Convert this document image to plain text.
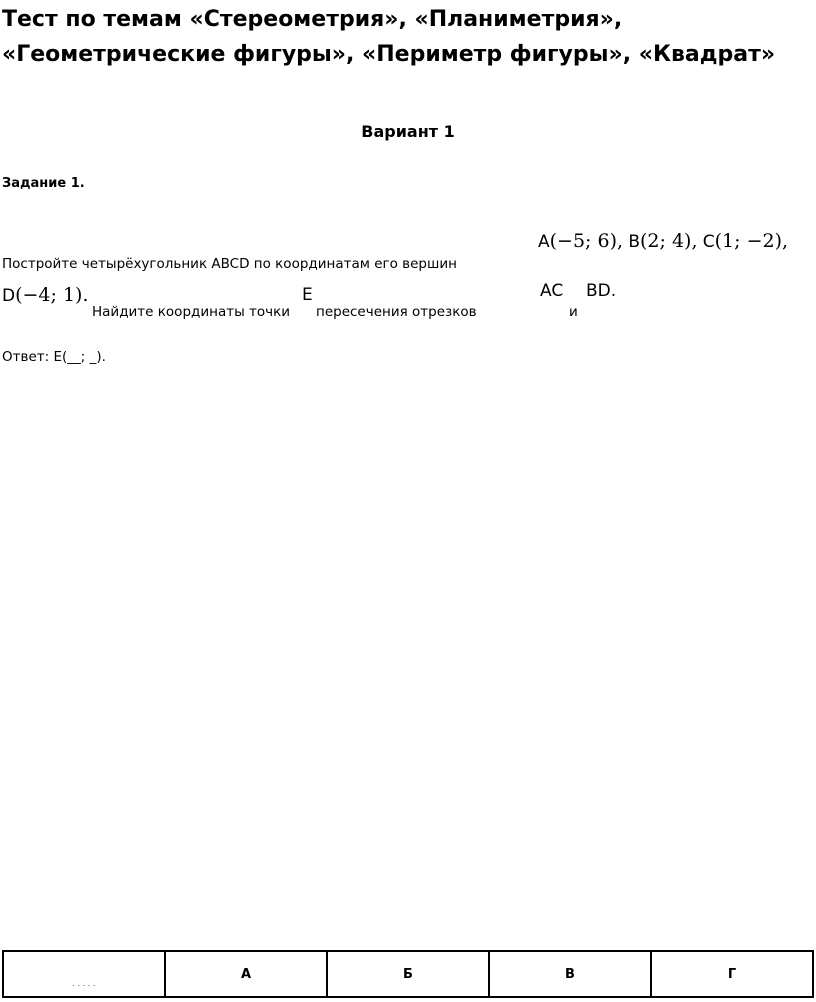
Тест по темам «Стереометрия», «Планиметрия», «Геометрические фигуры», «Периметр фигуры», «Квадрат»
Вариант 1
Задание 1.
A(−5; 6), B(2; 4), C(1; −2),
Постройте четырёхугольник ABCD по координатам его вершин
D(−4; 1).
Найдите координаты точки
E
пересечения отрезков
AC
и
BD.
Ответ: E(__; _).
. . . . .	А	Б	В	Г
